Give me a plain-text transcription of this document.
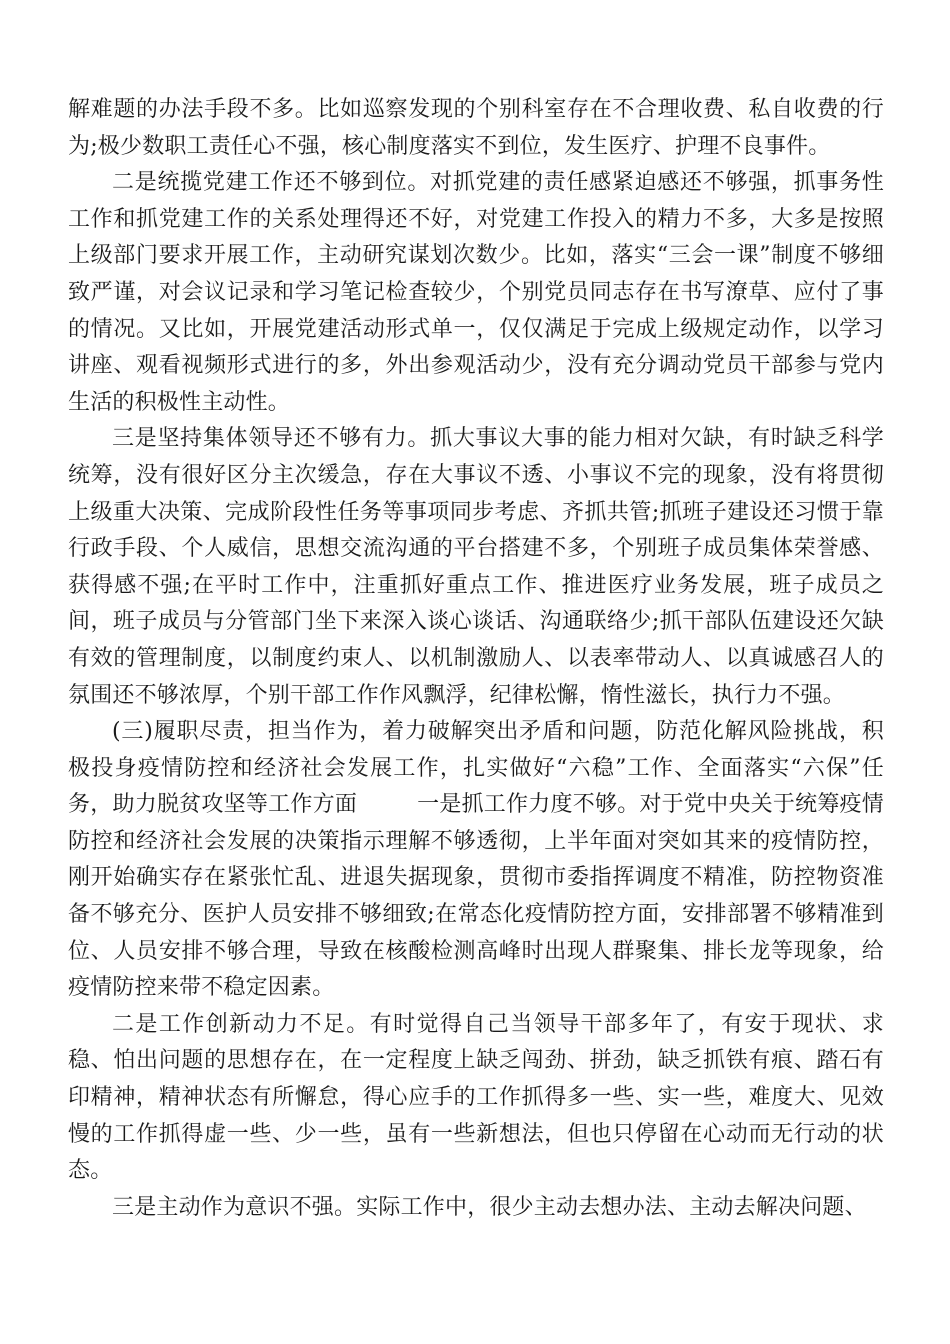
解难题的办法手段不多。比如巡察发现的个别科室存在不合理收费、私自收费的行为;极少数职工责任心不强，核心制度落实不到位，发生医疗、护理不良事件。

二是统揽党建工作还不够到位。对抓党建的责任感紧迫感还不够强，抓事务性工作和抓党建工作的关系处理得还不好，对党建工作投入的精力不多，大多是按照上级部门要求开展工作，主动研究谋划次数少。比如，落实“三会一课”制度不够细致严谨，对会议记录和学习笔记检查较少，个别党员同志存在书写潦草、应付了事的情况。又比如，开展党建活动形式单一，仅仅满足于完成上级规定动作，以学习讲座、观看视频形式进行的多，外出参观活动少，没有充分调动党员干部参与党内生活的积极性主动性。

三是坚持集体领导还不够有力。抓大事议大事的能力相对欠缺，有时缺乏科学统筹，没有很好区分主次缓急，存在大事议不透、小事议不完的现象，没有将贯彻上级重大决策、完成阶段性任务等事项同步考虑、齐抓共管;抓班子建设还习惯于靠行政手段、个人威信，思想交流沟通的平台搭建不多，个别班子成员集体荣誉感、获得感不强;在平时工作中，注重抓好重点工作、推进医疗业务发展，班子成员之间，班子成员与分管部门坐下来深入谈心谈话、沟通联络少;抓干部队伍建设还欠缺有效的管理制度，以制度约束人、以机制激励人、以表率带动人、以真诚感召人的氛围还不够浓厚，个别干部工作作风飘浮，纪律松懈，惰性滋长，执行力不强。

(三)履职尽责，担当作为，着力破解突出矛盾和问题，防范化解风险挑战，积极投身疫情防控和经济社会发展工作，扎实做好“六稳”工作、全面落实“六保”任务，助力脱贫攻坚等工作方面	一是抓工作力度不够。对于党中央关于统筹疫情防控和经济社会发展的决策指示理解不够透彻，上半年面对突如其来的疫情防控，刚开始确实存在紧张忙乱、进退失据现象，贯彻市委指挥调度不精准，防控物资准备不够充分、医护人员安排不够细致;在常态化疫情防控方面，安排部署不够精准到位、人员安排不够合理，导致在核酸检测高峰时出现人群聚集、排长龙等现象，给疫情防控来带不稳定因素。

二是工作创新动力不足。有时觉得自己当领导干部多年了，有安于现状、求稳、怕出问题的思想存在，在一定程度上缺乏闯劲、拼劲，缺乏抓铁有痕、踏石有印精神，精神状态有所懈怠，得心应手的工作抓得多一些、实一些，难度大、见效慢的工作抓得虚一些、少一些，虽有一些新想法，但也只停留在心动而无行动的状态。

三是主动作为意识不强。实际工作中，很少主动去想办法、主动去解决问题、
